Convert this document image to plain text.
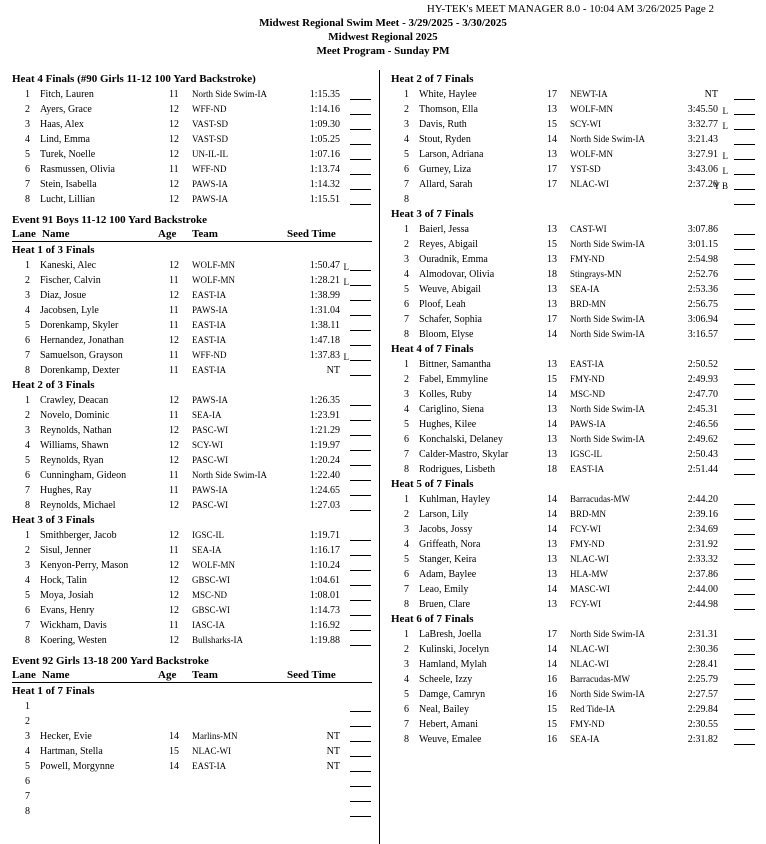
HY-TEK's MEET MANAGER 8.0 - 10:04 AM 3/26/2025 Page 2
Midwest Regional Swim Meet - 3/29/2025 - 3/30/2025
Midwest Regional 2025
Meet Program - Sunday PM
Heat 4 Finals (#90 Girls 11-12 100 Yard Backstroke)
1 Fitch, Lauren	11 North Side Swim-IA	1:15.35
2 Ayers, Grace	12 WFF-ND	1:14.16
3 Haas, Alex	12 VAST-SD	1:09.30
4 Lind, Emma	12 VAST-SD	1:05.25
5 Turek, Noelle	12 UN-IL-IL	1:07.16
6 Rasmussen, Olivia	11 WFF-ND	1:13.74
7 Stein, Isabella	12 PAWS-IA	1:14.32
8 Lucht, Lillian	12 PAWS-IA	1:15.51
Event 91 Boys 11-12 100 Yard Backstroke
Lane Name	Age Team	Seed Time
Heat 1 of 3 Finals
1 Kaneski, Alec	12 WOLF-MN	1:50.47 L
2 Fischer, Calvin	11 WOLF-MN	1:28.21 L
3 Diaz, Josue	12 EAST-IA	1:38.99
4 Jacobsen, Lyle	11 PAWS-IA	1:31.04
5 Dorenkamp, Skyler	11 EAST-IA	1:38.11
6 Hernandez, Jonathan	12 EAST-IA	1:47.18
7 Samuelson, Grayson	11 WFF-ND	1:37.83 L
8 Dorenkamp, Dexter	11 EAST-IA	NT
Heat 2 of 3 Finals
1 Crawley, Deacan	12 PAWS-IA	1:26.35
2 Novelo, Dominic	11 SEA-IA	1:23.91
3 Reynolds, Nathan	12 PASC-WI	1:21.29
4 Williams, Shawn	12 SCY-WI	1:19.97
5 Reynolds, Ryan	12 PASC-WI	1:20.24
6 Cunningham, Gideon	11 North Side Swim-IA	1:22.40
7 Hughes, Ray	11 PAWS-IA	1:24.65
8 Reynolds, Michael	12 PASC-WI	1:27.03
Heat 3 of 3 Finals
1 Smithberger, Jacob	12 IGSC-IL	1:19.71
2 Sisul, Jenner	11 SEA-IA	1:16.17
3 Kenyon-Perry, Mason	12 WOLF-MN	1:10.24
4 Hock, Talin	12 GBSC-WI	1:04.61
5 Moya, Josiah	12 MSC-ND	1:08.01
6 Evans, Henry	12 GBSC-WI	1:14.73
7 Wickham, Davis	11 IASC-IA	1:16.92
8 Koering, Westen	12 Bullsharks-IA	1:19.88
Event 92 Girls 13-18 200 Yard Backstroke
Lane Name	Age Team	Seed Time
Heat 1 of 7 Finals
1
2
3 Hecker, Evie	14 Marlins-MN	NT
4 Hartman, Stella	15 NLAC-WI	NT
5 Powell, Morgynne	14 EAST-IA	NT
6
7
8
Heat 2 of 7 Finals
1 White, Haylee	17 NEWT-IA	NT
2 Thomson, Ella	13 WOLF-MN	3:45.50 L
3 Davis, Ruth	15 SCY-WI	3:32.77 L
4 Stout, Ryden	14 North Side Swim-IA	3:21.43
5 Larson, Adriana	13 WOLF-MN	3:27.91 L
6 Gurney, Liza	17 YST-SD	3:43.06 L
7 Allard, Sarah	17 NLAC-WI	2:37.20
Y B
8
Heat 3 of 7 Finals
1 Baierl, Jessa	13 CAST-WI	3:07.86
2 Reyes, Abigail	15 North Side Swim-IA	3:01.15
3 Ouradnik, Emma	13 FMY-ND	2:54.98
4 Almodovar, Olivia	18 Stingrays-MN	2:52.76
5 Weuve, Abigail	13 SEA-IA	2:53.36
6 Ploof, Leah	13 BRD-MN	2:56.75
7 Schafer, Sophia	17 North Side Swim-IA	3:06.94
8 Bloom, Elyse	14 North Side Swim-IA	3:16.57
Heat 4 of 7 Finals
1 Bittner, Samantha	13 EAST-IA	2:50.52
2 Fabel, Emmyline	15 FMY-ND	2:49.93
3 Kolles, Ruby	14 MSC-ND	2:47.70
4 Cariglino, Siena	13 North Side Swim-IA	2:45.31
5 Hughes, Kilee	14 PAWS-IA	2:46.56
6 Konchalski, Delaney	13 North Side Swim-IA	2:49.62
7 Calder-Mastro, Skylar	13 IGSC-IL	2:50.43
8 Rodrigues, Lisbeth	18 EAST-IA	2:51.44
Heat 5 of 7 Finals
1 Kuhlman, Hayley	14 Barracudas-MW	2:44.20
2 Larson, Lily	14 BRD-MN	2:39.16
3 Jacobs, Jossy	14 FCY-WI	2:34.69
4 Griffeath, Nora	13 FMY-ND	2:31.92
5 Stanger, Keira	13 NLAC-WI	2:33.32
6 Adam, Baylee	13 HLA-MW	2:37.86
7 Leao, Emily	14 MASC-WI	2:44.00
8 Bruen, Clare	13 FCY-WI	2:44.98
Heat 6 of 7 Finals
1 LaBresh, Joella	17 North Side Swim-IA	2:31.31
2 Kulinski, Jocelyn	14 NLAC-WI	2:30.36
3 Hamland, Mylah	14 NLAC-WI	2:28.41
4 Scheele, Izzy	16 Barracudas-MW	2:25.79
5 Damge, Camryn	16 North Side Swim-IA	2:27.57
6 Neal, Bailey	15 Red Tide-IA	2:29.84
7 Hebert, Amani	15 FMY-ND	2:30.55
8 Weuve, Emalee	16 SEA-IA	2:31.82
